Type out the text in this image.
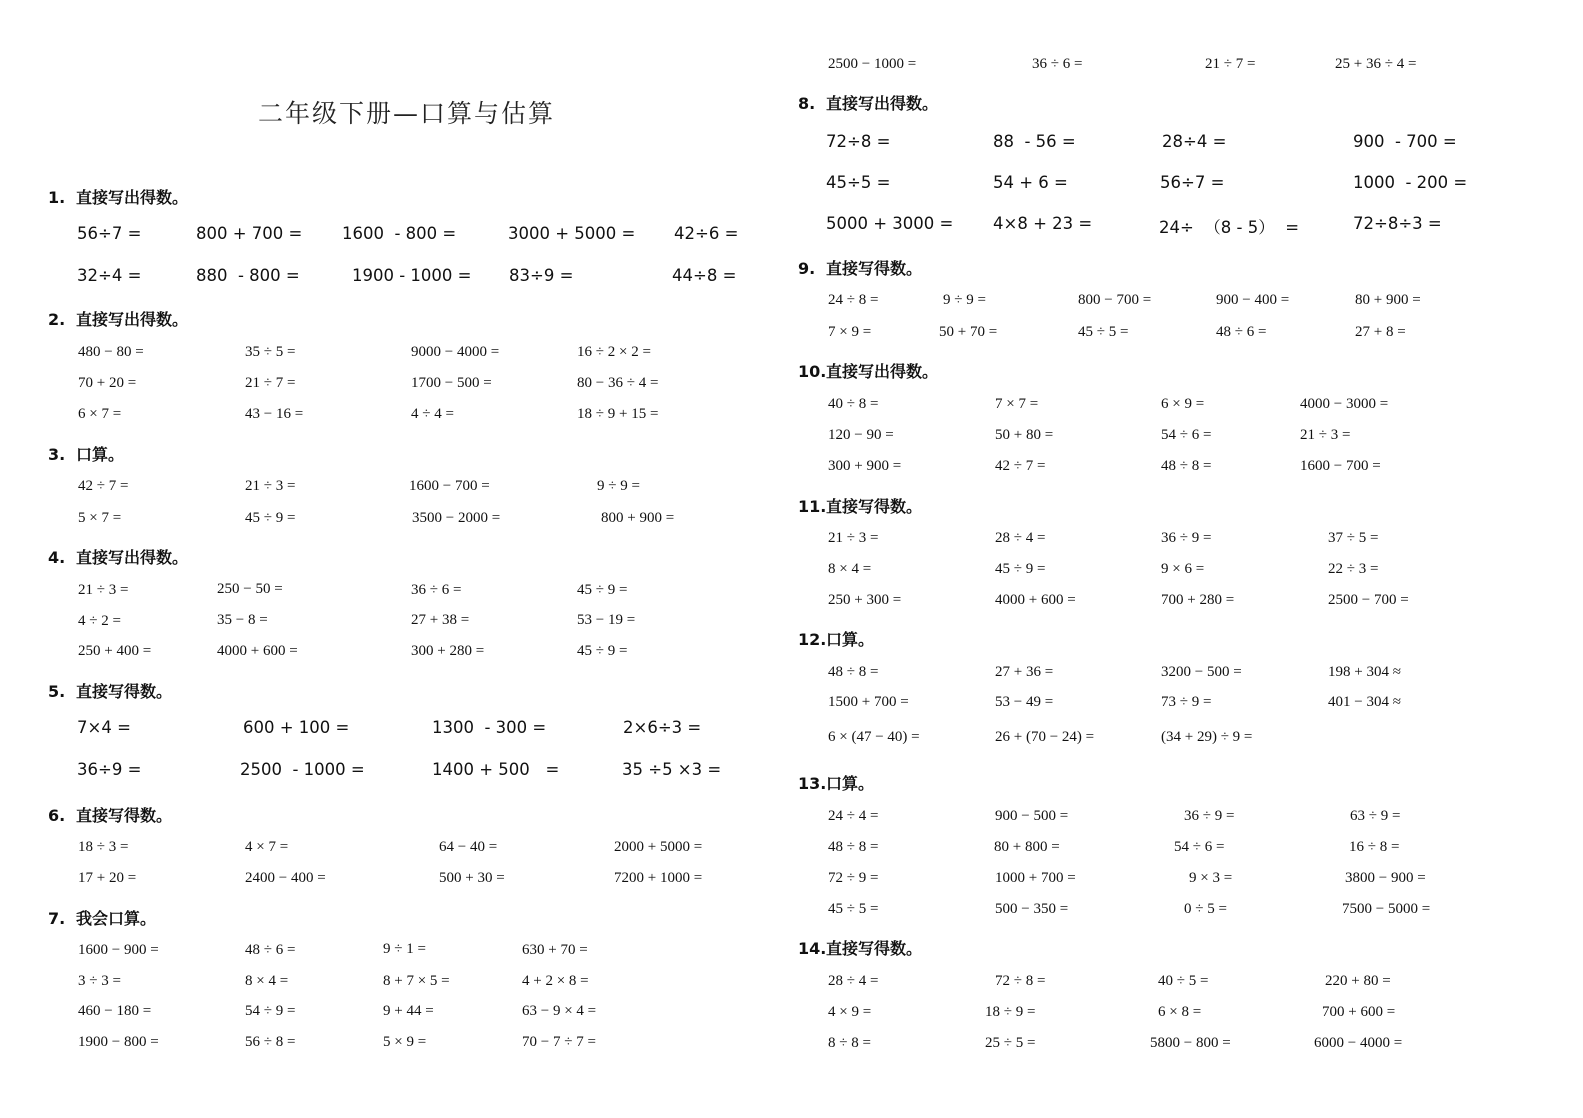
二年级下册—口算与估算
1. 直接写出得数。
56÷7 =	800 + 700 = 1600  - 800 =	3000 + 5000 = 42÷6 =
32÷4 =	880  - 800 =	1900 - 1000 = 83÷9 =	44÷8 =
2. 直接写出得数。
480 − 80 =	35 ÷ 5 =	9000 − 4000 =	16 ÷ 2 × 2 =
70 + 20 =	21 ÷ 7 =	1700 − 500 =	80 − 36 ÷ 4 =
6 × 7 =	43 − 16 =	4 ÷ 4 =	18 ÷ 9 + 15 =
3. 口算。
42 ÷ 7 =	21 ÷ 3 =	1600 − 700 =	9 ÷ 9 =
5 × 7 =	45 ÷ 9 =	3500 − 2000 =	800 + 900 =
4. 直接写出得数。
21 ÷ 3 =	250 − 50 =	36 ÷ 6 =	45 ÷ 9 =
4 ÷ 2 =	35 − 8 =	27 + 38 =	53 − 19 =
250 + 400 =	4000 + 600 =	300 + 280 =	45 ÷ 9 =
5. 直接写得数。
7×4 =	600 + 100 =	1300  - 300 =	2×6÷3 =
36÷9 =	2500  - 1000 =	1400 + 500   =	35 ÷5 ×3 =
6. 直接写得数。
18 ÷ 3 =	4 × 7 =	64 − 40 =	2000 + 5000 =
17 + 20 =	2400 − 400 =	500 + 30 =	7200 + 1000 =
7. 我会口算。
1600 − 900 =	48 ÷ 6 =	9 ÷ 1 =	630 + 70 =
3 ÷ 3 =	8 × 4 =	8 + 7 × 5 =	4 + 2 × 8 =
460 − 180 =	54 ÷ 9 =	9 + 44 =	63 − 9 × 4 =
1900 − 800 =	56 ÷ 8 =	5 × 9 =	70 − 7 ÷ 7 =
2500 − 1000 =	36 ÷ 6 =	21 ÷ 7 =	25 + 36 ÷ 4 =
8. 直接写出得数。
72÷8 =	88  - 56 =	28÷4 =	900  - 700 =
45÷5 =	54 + 6 =	56÷7 =	1000  - 200 =
5000 + 3000 = 4×8 + 23 =	24÷  （8 - 5）  =	72÷8÷3 =
9. 直接写得数。
24 ÷ 8 =	9 ÷ 9 =	800 − 700 =	900 − 400 =	80 + 900 =
7 × 9 =	50 + 70 =	45 ÷ 5 =	48 ÷ 6 =	27 + 8 =
10.直接写出得数。
40 ÷ 8 =	7 × 7 =	6 × 9 =	4000 − 3000 =
120 − 90 =	50 + 80 =	54 ÷ 6 =	21 ÷ 3 =
300 + 900 =	42 ÷ 7 =	48 ÷ 8 =	1600 − 700 =
11.直接写得数。
21 ÷ 3 =	28 ÷ 4 =	36 ÷ 9 =	37 ÷ 5 =
8 × 4 =	45 ÷ 9 =	9 × 6 =	22 ÷ 3 =
250 + 300 =	4000 + 600 =	700 + 280 =	2500 − 700 =
12.口算。
48 ÷ 8 =	27 + 36 =	3200 − 500 =	198 + 304 ≈
1500 + 700 =	53 − 49 =	73 ÷ 9 =	401 − 304 ≈
6 × (47 − 40) =	26 + (70 − 24) =	(34 + 29) ÷ 9 =
13.口算。
24 ÷ 4 =	900 − 500 =	36 ÷ 9 =	63 ÷ 9 =
48 ÷ 8 =	80 + 800 =	54 ÷ 6 =	16 ÷ 8 =
72 ÷ 9 =	1000 + 700 =	9 × 3 =	3800 − 900 =
45 ÷ 5 =	500 − 350 =	0 ÷ 5 =	7500 − 5000 =
14.直接写得数。
28 ÷ 4 =	72 ÷ 8 =	40 ÷ 5 =	220 + 80 =
4 × 9 =	18 ÷ 9 =	6 × 8 =	700 + 600 =
8 ÷ 8 =	25 ÷ 5 =	5800 − 800 =	6000 − 4000 =
